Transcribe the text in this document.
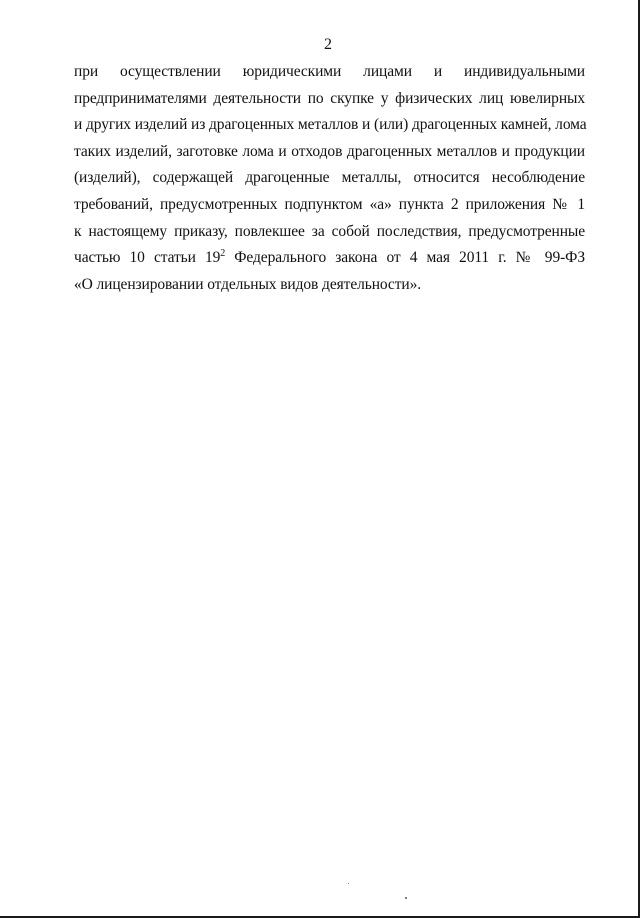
2
при осуществлении юридическими лицами и индивидуальными
предпринимателями деятельности по скупке у физических лиц ювелирных
и других изделий из драгоценных металлов и (или) драгоценных камней, лома
таких изделий, заготовке лома и отходов драгоценных металлов и продукции
(изделий), содержащей драгоценные металлы, относится несоблюдение
требований, предусмотренных подпунктом «а» пункта 2 приложения № 1
к настоящему приказу, повлекшее за собой последствия, предусмотренные
частью 10 статьи $19^2$ Федерального закона от 4 мая 2011 г. № 99-ФЗ
«О лицензировании отдельных видов деятельности».
